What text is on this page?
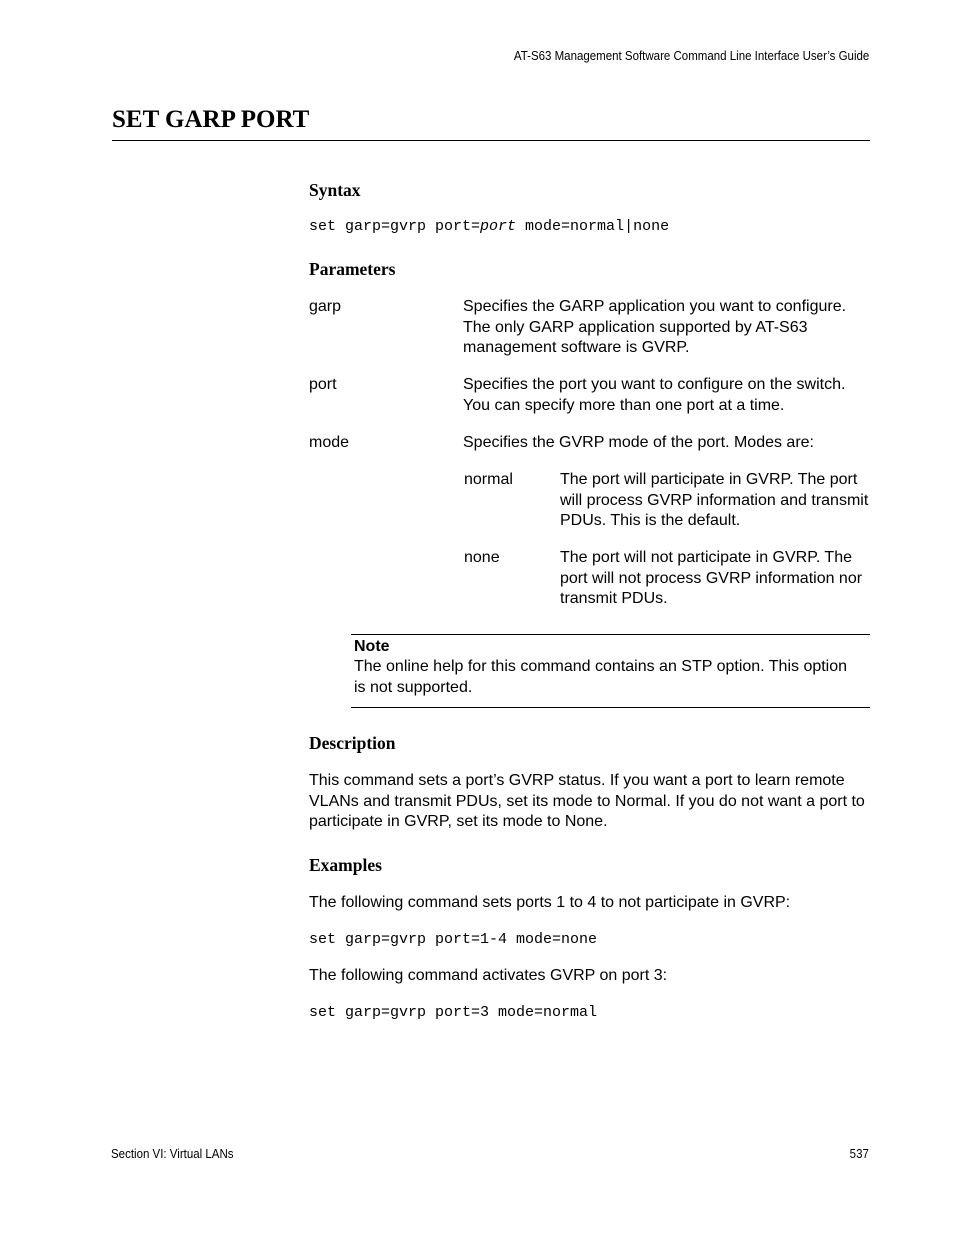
AT-S63 Management Software Command Line Interface User’s Guide
SET GARP PORT
Syntax
set garp=gvrp port=port mode=normal|none
Parameters
garp	Specifies the GARP application you want to configure. The only GARP application supported by AT-S63 management software is GVRP.
port	Specifies the port you want to configure on the switch. You can specify more than one port at a time.
mode	Specifies the GVRP mode of the port. Modes are:
normal	The port will participate in GVRP. The port will process GVRP information and transmit PDUs. This is the default.
none	The port will not participate in GVRP. The port will not process GVRP information nor transmit PDUs.
Note
The online help for this command contains an STP option. This option is not supported.
Description
This command sets a port’s GVRP status. If you want a port to learn remote VLANs and transmit PDUs, set its mode to Normal. If you do not want a port to participate in GVRP, set its mode to None.
Examples
The following command sets ports 1 to 4 to not participate in GVRP:
set garp=gvrp port=1-4 mode=none
The following command activates GVRP on port 3:
set garp=gvrp port=3 mode=normal
Section VI: Virtual LANs	537
